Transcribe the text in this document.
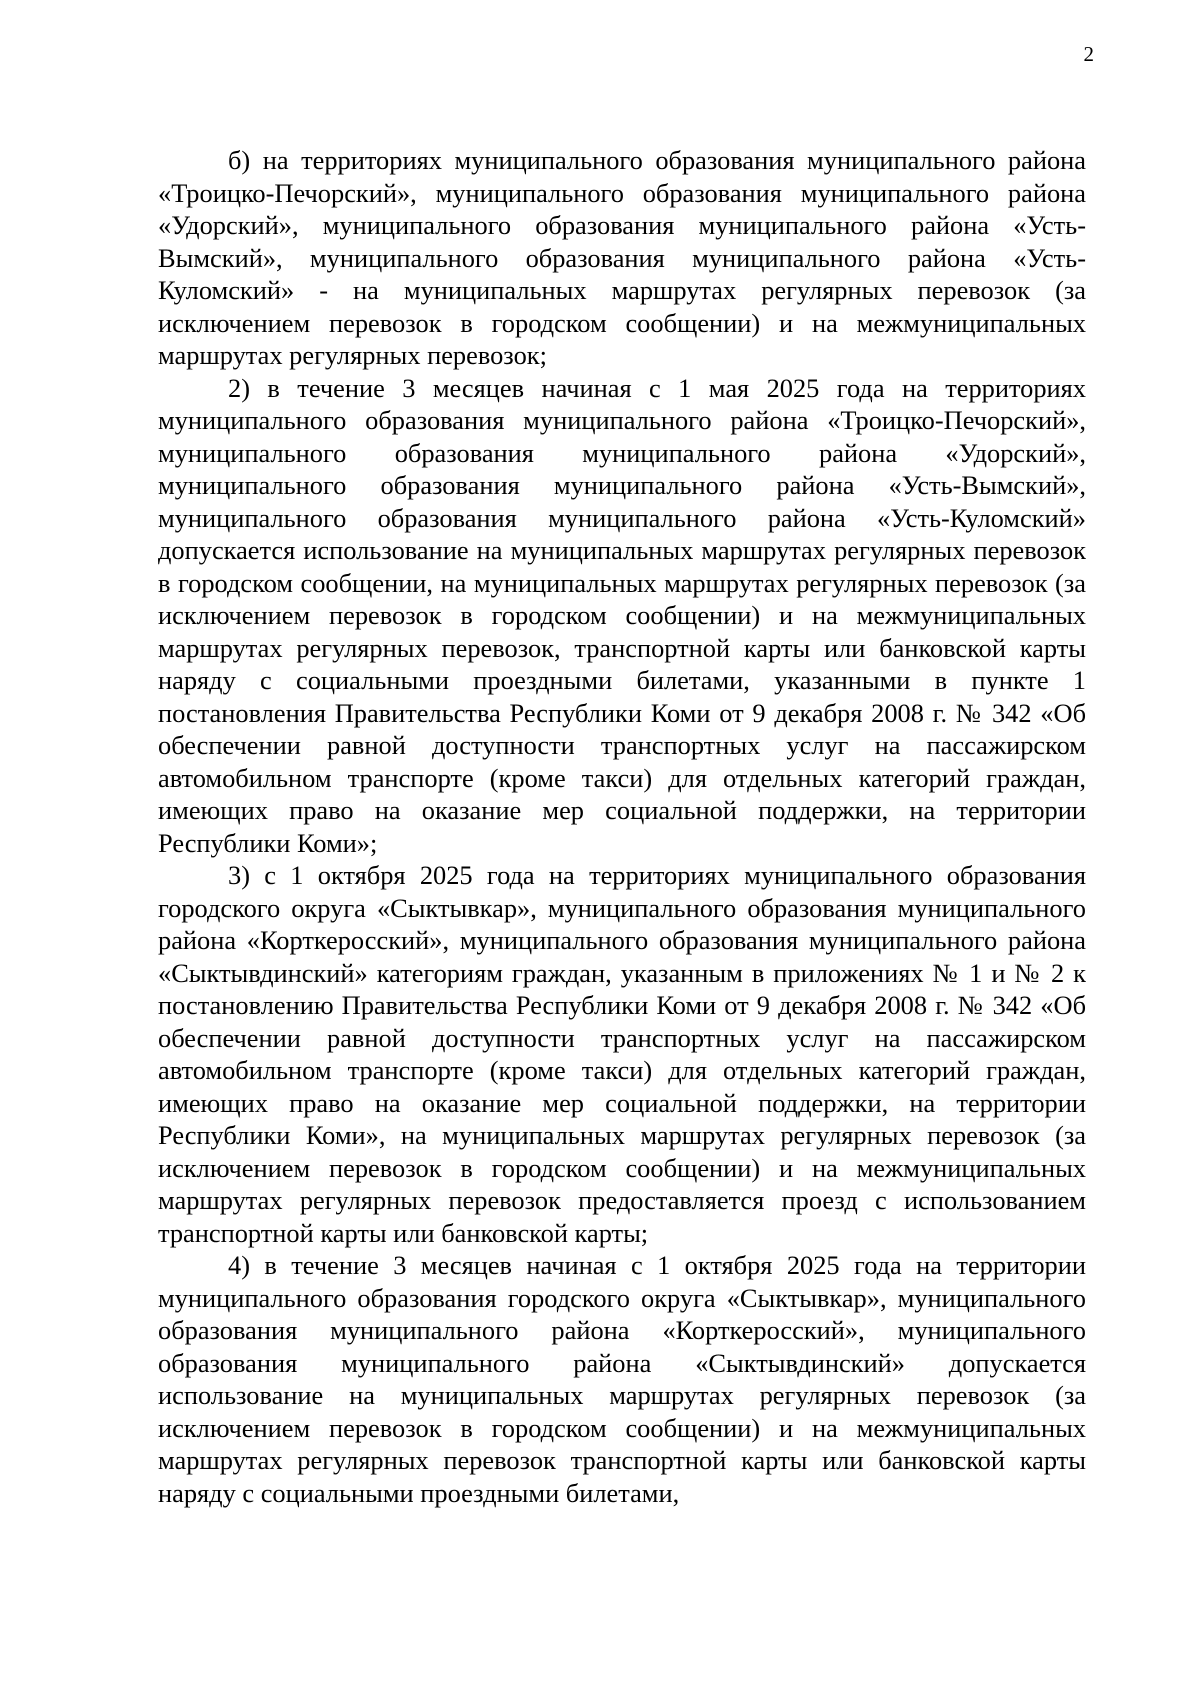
2

б) на территориях муниципального образования муниципального района «Троицко-Печорский», муниципального образования муниципального района «Удорский», муниципального образования муниципального района «Усть-Вымский», муниципального образования муниципального района «Усть-Куломский» - на муниципальных маршрутах регулярных перевозок (за исключением перевозок в городском сообщении) и на межмуниципальных маршрутах регулярных перевозок;

2) в течение 3 месяцев начиная с 1 мая 2025 года на территориях муниципального образования муниципального района «Троицко-Печорский», муниципального образования муниципального района «Удорский», муниципального образования муниципального района «Усть-Вымский», муниципального образования муниципального района «Усть-Куломский» допускается использование на муниципальных маршрутах регулярных перевозок в городском сообщении, на муниципальных маршрутах регулярных перевозок (за исключением перевозок в городском сообщении) и на межмуниципальных маршрутах регулярных перевозок, транспортной карты или банковской карты наряду с социальными проездными билетами, указанными в пункте 1 постановления Правительства Республики Коми от 9 декабря 2008 г. № 342 «Об обеспечении равной доступности транспортных услуг на пассажирском автомобильном транспорте (кроме такси) для отдельных категорий граждан, имеющих право на оказание мер социальной поддержки, на территории Республики Коми»;

3) с 1 октября 2025 года на территориях муниципального образования городского округа «Сыктывкар», муниципального образования муниципального района «Корткеросский», муниципального образования муниципального района «Сыктывдинский» категориям граждан, указанным в приложениях № 1 и № 2 к постановлению Правительства Республики Коми от 9 декабря 2008 г. № 342 «Об обеспечении равной доступности транспортных услуг на пассажирском автомобильном транспорте (кроме такси) для отдельных категорий граждан, имеющих право на оказание мер социальной поддержки, на территории Республики Коми», на муниципальных маршрутах регулярных перевозок (за исключением перевозок в городском сообщении) и на межмуниципальных маршрутах регулярных перевозок предоставляется проезд с использованием транспортной карты или банковской карты;

4) в течение 3 месяцев начиная с 1 октября 2025 года на территории муниципального образования городского округа «Сыктывкар», муниципального образования муниципального района «Корткеросский», муниципального образования муниципального района «Сыктывдинский» допускается использование на муниципальных маршрутах регулярных перевозок (за исключением перевозок в городском сообщении) и на межмуниципальных маршрутах регулярных перевозок транспортной карты или банковской карты наряду с социальными проездными билетами,
